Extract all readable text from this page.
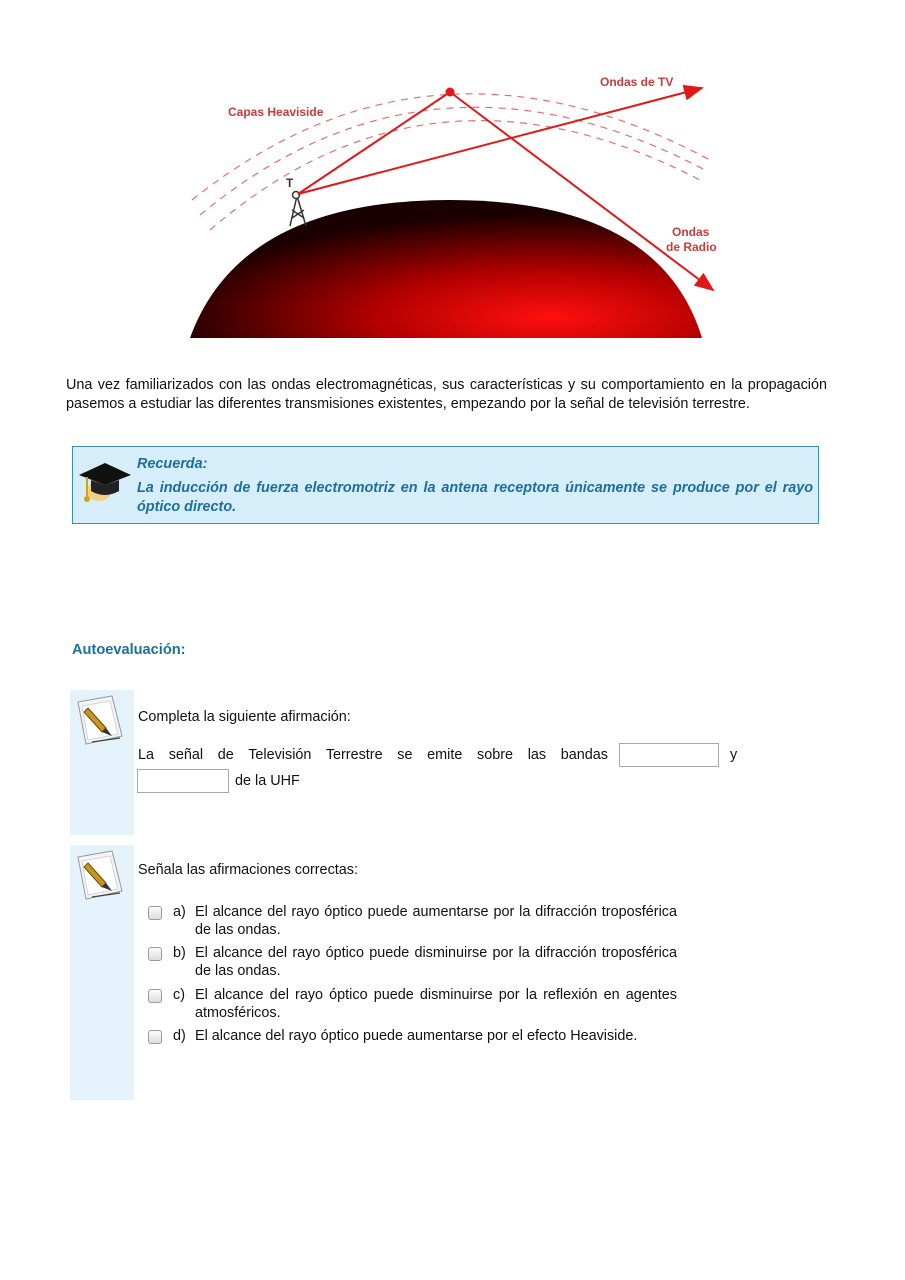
Ondas de TV
Capas Heaviside
T
Ondas
de Radio

Una vez familiarizados con las ondas electromagnéticas, sus características y su comportamiento en la propagación pasemos a estudiar las diferentes transmisiones existentes, empezando por la señal de televisión terrestre.

Recuerda:

La inducción de fuerza electromotriz en la antena receptora únicamente se produce por el rayo óptico directo.

Autoevaluación:
Completa la siguiente afirmación:
La señal de Televisión Terrestre se emite sobre las bandas	y
de la UHF
Señala las afirmaciones correctas:
a) El alcance del rayo óptico puede aumentarse por la difracción troposférica de las ondas.
b) El alcance del rayo óptico puede disminuirse por la difracción troposférica de las ondas.
c) El alcance del rayo óptico puede disminuirse por la reflexión en agentes atmosféricos.
d) El alcance del rayo óptico puede aumentarse por el efecto Heaviside.
